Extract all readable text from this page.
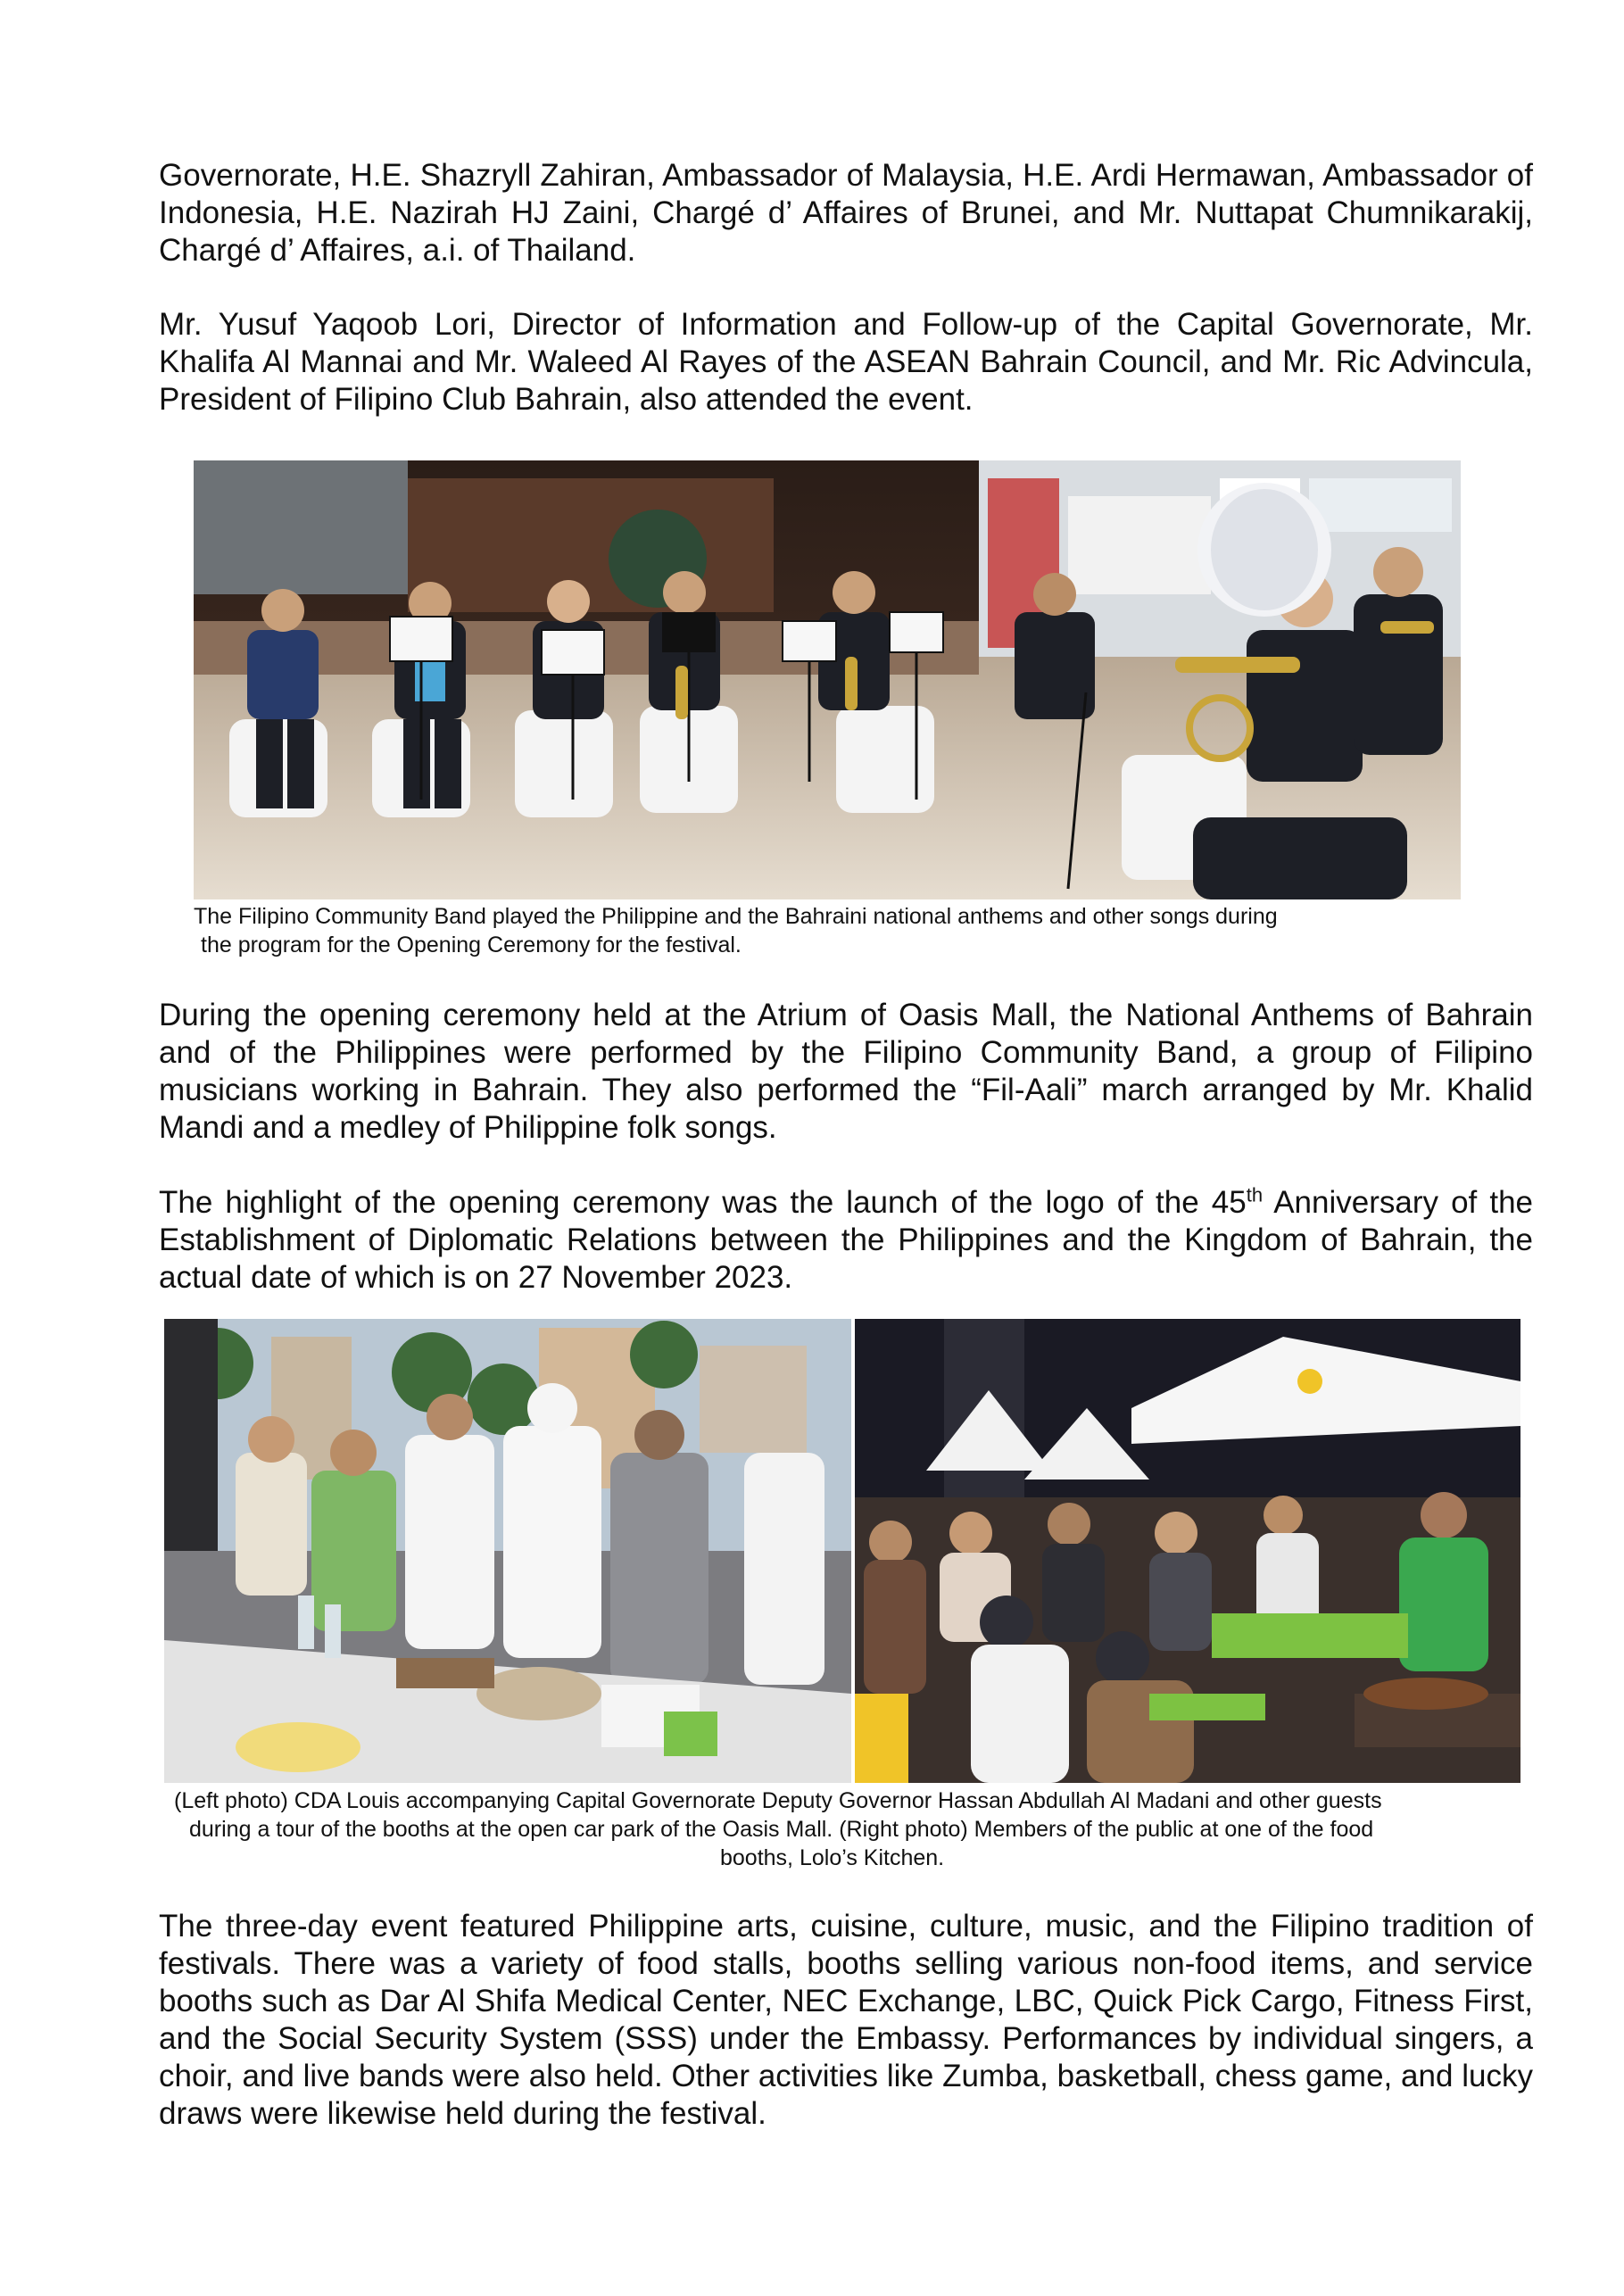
Governorate, H.E. Shazryll Zahiran, Ambassador of Malaysia, H.E. Ardi Hermawan, Ambassador of Indonesia, H.E. Nazirah HJ Zaini, Chargé d’ Affaires of Brunei, and Mr. Nuttapat Chumnikarakij, Chargé d’ Affaires, a.i. of Thailand.

Mr. Yusuf Yaqoob Lori, Director of Information and Follow-up of the Capital Governorate, Mr. Khalifa Al Mannai and Mr. Waleed Al Rayes of the ASEAN Bahrain Council, and Mr. Ric Advincula, President of Filipino Club Bahrain, also attended the event.

The Filipino Community Band played the Philippine and the Bahraini national anthems and other songs during

the program for the Opening Ceremony for the festival.

During the opening ceremony held at the Atrium of Oasis Mall, the National Anthems of Bahrain and of the Philippines were performed by the Filipino Community Band, a group of Filipino musicians working in Bahrain. They also performed the “Fil-Aali” march arranged by Mr. Khalid Mandi and a medley of Philippine folk songs.

The highlight of the opening ceremony was the launch of the logo of the 45th Anniversary of the Establishment of Diplomatic Relations between the Philippines and the Kingdom of Bahrain, the actual date of which is on 27 November 2023.

(Left photo) CDA Louis accompanying Capital Governorate Deputy Governor Hassan Abdullah Al Madani and other guests

during a tour of the booths at the open car park of the Oasis Mall. (Right photo) Members of the public at one of the food

booths, Lolo’s Kitchen.

The three-day event featured Philippine arts, cuisine, culture, music, and the Filipino tradition of festivals. There was a variety of food stalls, booths selling various non-food items, and service booths such as Dar Al Shifa Medical Center, NEC Exchange, LBC, Quick Pick Cargo, Fitness First, and the Social Security System (SSS) under the Embassy. Performances by individual singers, a choir, and live bands were also held. Other activities like Zumba, basketball, chess game, and lucky draws were likewise held during the festival.
